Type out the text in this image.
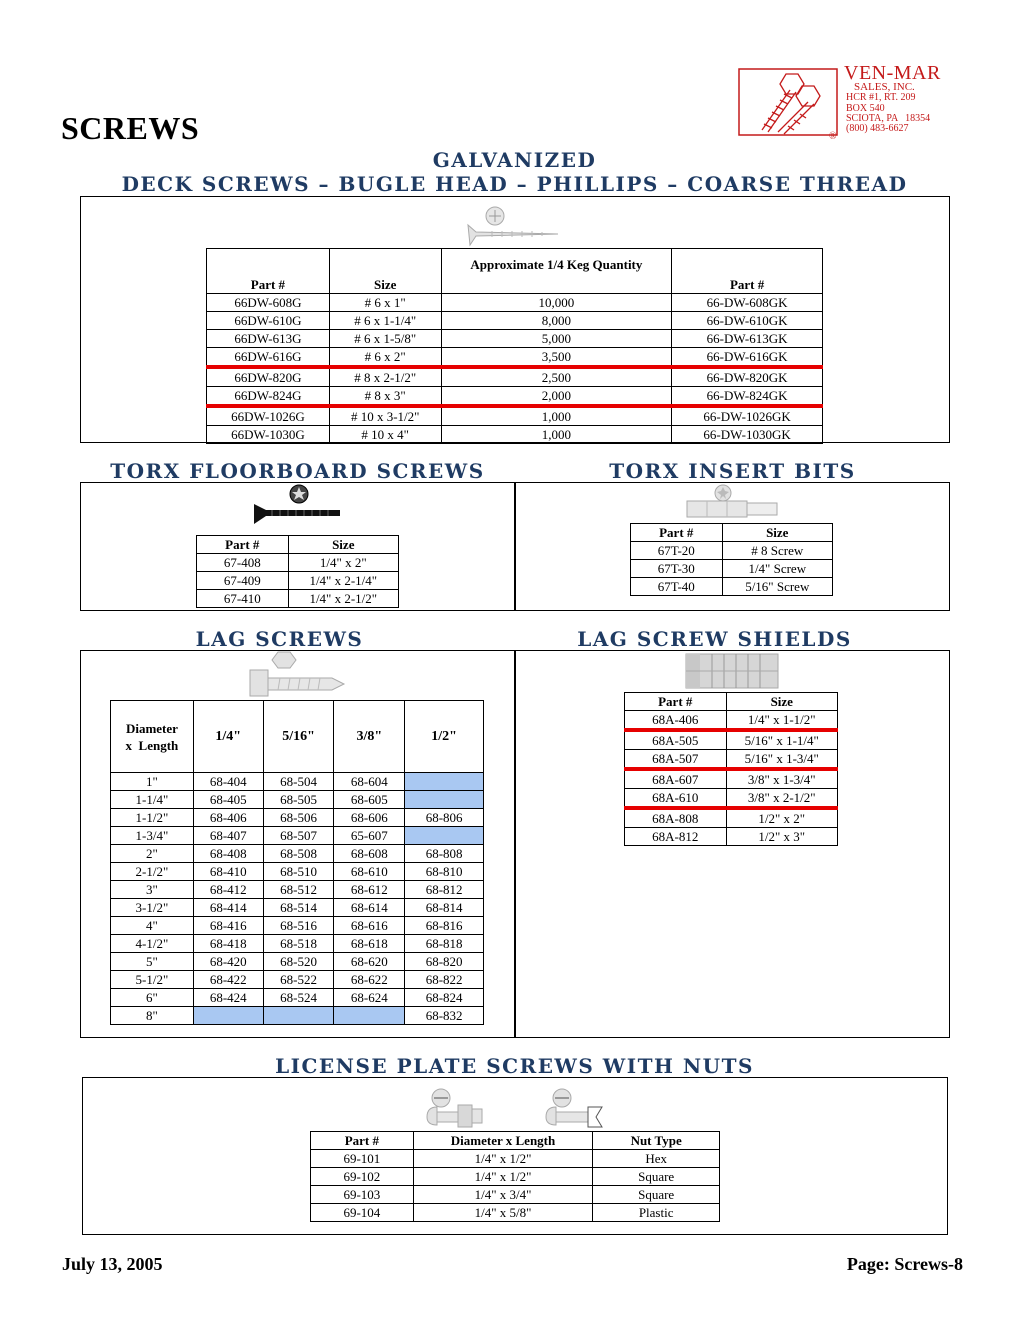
SCREWS	®
VEN-MAR
SALES, INC.
HCR #1, RT. 209
BOX 540
SCIOTA, PA   18354
(800) 483-6627
GALVANIZED
DECK SCREWS – BUGLE HEAD – PHILLIPS – COARSE THREAD
Part #	Size	Approximate 1/4 Keg Quantity	Part #
66DW-608G	# 6 x 1"	10,000	66-DW-608GK
66DW-610G	# 6 x 1-1/4"	8,000	66-DW-610GK
66DW-613G	# 6 x 1-5/8"	5,000	66-DW-613GK
66DW-616G	# 6 x 2"	3,500	66-DW-616GK
66DW-820G	# 8 x 2-1/2"	2,500	66-DW-820GK
66DW-824G	# 8 x 3"	2,000	66-DW-824GK
66DW-1026G	# 10 x 3-1/2"	1,000	66-DW-1026GK
66DW-1030G	# 10 x 4"	1,000	66-DW-1030GK
TORX FLOORBOARD SCREWS	TORX INSERT BITS
Part #	Size
67-408	1/4" x 2"
67-409	1/4" x 2-1/4"
67-410	1/4" x 2-1/2"
Part #	Size
67T-20	# 8 Screw
67T-30	1/4" Screw
67T-40	5/16" Screw
LAG SCREWS	LAG SCREW SHIELDS
Diameter
x  Length	1/4"	5/16"	3/8"	1/2"
1"	68-404	68-504	68-604	
1-1/4"	68-405	68-505	68-605	
1-1/2"	68-406	68-506	68-606	68-806
1-3/4"	68-407	68-507	65-607	
2"	68-408	68-508	68-608	68-808
2-1/2"	68-410	68-510	68-610	68-810
3"	68-412	68-512	68-612	68-812
3-1/2"	68-414	68-514	68-614	68-814
4"	68-416	68-516	68-616	68-816
4-1/2"	68-418	68-518	68-618	68-818
5"	68-420	68-520	68-620	68-820
5-1/2"	68-422	68-522	68-622	68-822
6"	68-424	68-524	68-624	68-824
8"				68-832
Part #	Size
68A-406	1/4" x 1-1/2"
68A-505	5/16" x 1-1/4"
68A-507	5/16" x 1-3/4"
68A-607	3/8" x 1-3/4"
68A-610	3/8" x 2-1/2"
68A-808	1/2" x 2"
68A-812	1/2" x 3"
LICENSE PLATE SCREWS WITH NUTS
Part #	Diameter x Length	Nut Type
69-101	1/4" x 1/2"	Hex
69-102	1/4" x 1/2"	Square
69-103	1/4" x 3/4"	Square
69-104	1/4" x 5/8"	Plastic
July 13, 2005	Page: Screws-8
